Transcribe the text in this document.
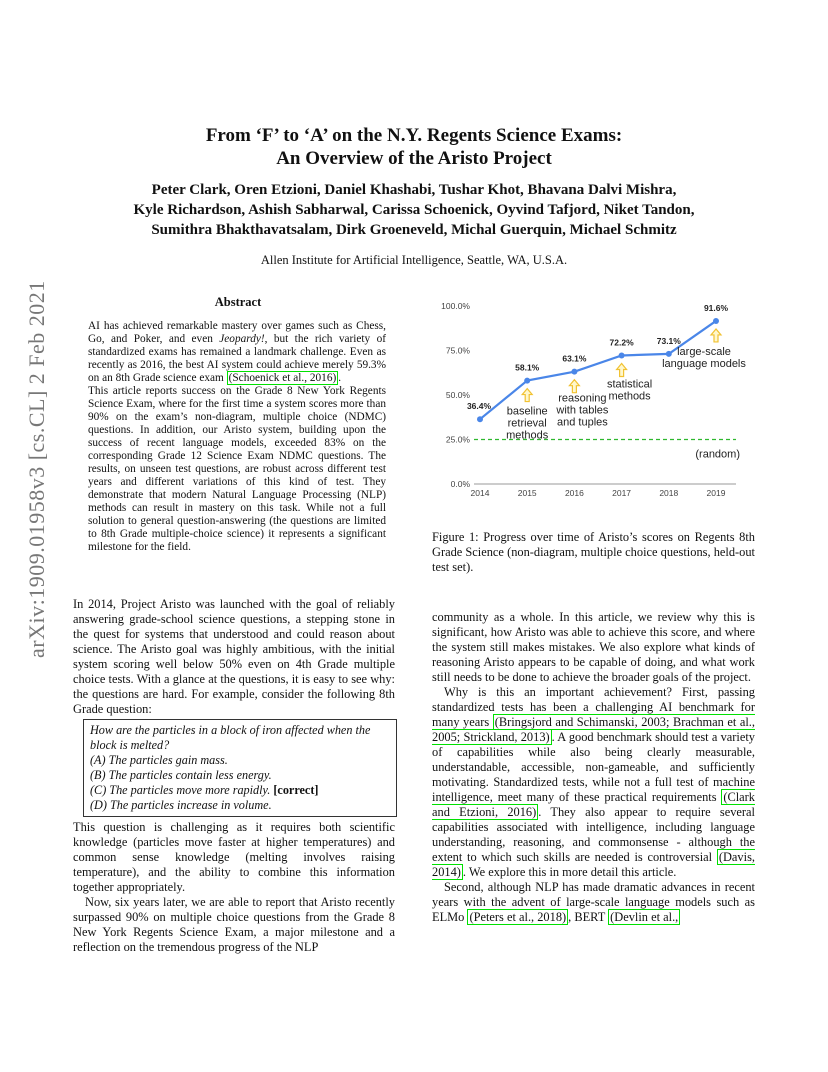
arXiv:1909.01958v3 [cs.CL] 2 Feb 2021
From ‘F’ to ‘A’ on the N.Y. Regents Science Exams:
An Overview of the Aristo Project
Peter Clark, Oren Etzioni, Daniel Khashabi, Tushar Khot, Bhavana Dalvi Mishra,
Kyle Richardson, Ashish Sabharwal, Carissa Schoenick, Oyvind Tafjord, Niket Tandon,
Sumithra Bhakthavatsalam, Dirk Groeneveld, Michal Guerquin, Michael Schmitz
Allen Institute for Artificial Intelligence, Seattle, WA, U.S.A.
Abstract

AI has achieved remarkable mastery over games such as Chess, Go, and Poker, and even Jeopardy!, but the rich variety of standardized exams has remained a landmark challenge. Even as recently as 2016, the best AI system could achieve merely 59.3% on an 8th Grade science exam (Schoenick et al., 2016) .

This article reports success on the Grade 8 New York Regents Science Exam, where for the first time a system scores more than 90% on the exam’s non-diagram, multiple choice (NDMC) questions. In addition, our Aristo system, building upon the success of recent language models, exceeded 83% on the corresponding Grade 12 Science Exam NDMC questions. The results, on unseen test questions, are robust across different test years and different variations of this kind of test. They demonstrate that modern Natural Language Processing (NLP) methods can result in mastery on this task. While not a full solution to general question-answering (the questions are limited to 8th Grade multiple-choice science) it represents a significant milestone for the field.

0.0%
25.0%
50.0%
75.0%
100.0%
2014	2015	2016	2017	2018	2019
(random)
36.4%
58.1%
63.1%
72.2%	73.1%
91.6%
baseline
retrieval
methods
reasoning
with tables
and tuples
statistical
methods
large-scale
language models
Figure 1: Progress over time of Aristo’s scores on Regents 8th Grade Science (non-diagram, multiple choice questions, held-out test set).

In 2014, Project Aristo was launched with the goal of reliably answering grade-school science questions, a stepping stone in the quest for systems that understood and could reason about science. The Aristo goal was highly ambitious, with the initial system scoring well below 50% even on 4th Grade multiple choice tests. With a glance at the questions, it is easy to see why: the questions are hard. For example, consider the following 8th Grade question:

How are the particles in a block of iron affected when the block is melted?
(A) The particles gain mass.
(B) The particles contain less energy.
(C) The particles move more rapidly. [correct]
(D) The particles increase in volume.

This question is challenging as it requires both scientific knowledge (particles move faster at higher temperatures) and common sense knowledge (melting involves raising temperature), and the ability to combine this information together appropriately.

Now, six years later, we are able to report that Aristo recently surpassed 90% on multiple choice questions from the Grade 8 New York Regents Science Exam, a major milestone and a reflection on the tremendous progress of the NLP

community as a whole. In this article, we review why this is significant, how Aristo was able to achieve this score, and where the system still makes mistakes. We also explore what kinds of reasoning Aristo appears to be capable of doing, and what work still needs to be done to achieve the broader goals of the project.

Why is this an important achievement? First, passing standardized tests has been a challenging AI benchmark for many years (Bringsjord and Schimanski, 2003; Brachman et al., 2005; Strickland, 2013) . A good benchmark should test a variety of capabilities while also being clearly measurable, understandable, accessible, non-gameable, and sufficiently motivating. Standardized tests, while not a full test of machine intelligence, meet many of these practical requirements (Clark and Etzioni, 2016) . They also appear to require several capabilities associated with intelligence, including language understanding, reasoning, and commonsense - although the extent to which such skills are needed is controversial (Davis, 2014) . We explore this in more detail this article.

Second, although NLP has made dramatic advances in recent years with the advent of large-scale language models such as ELMo (Peters et al., 2018) , BERT (Devlin et al.,
